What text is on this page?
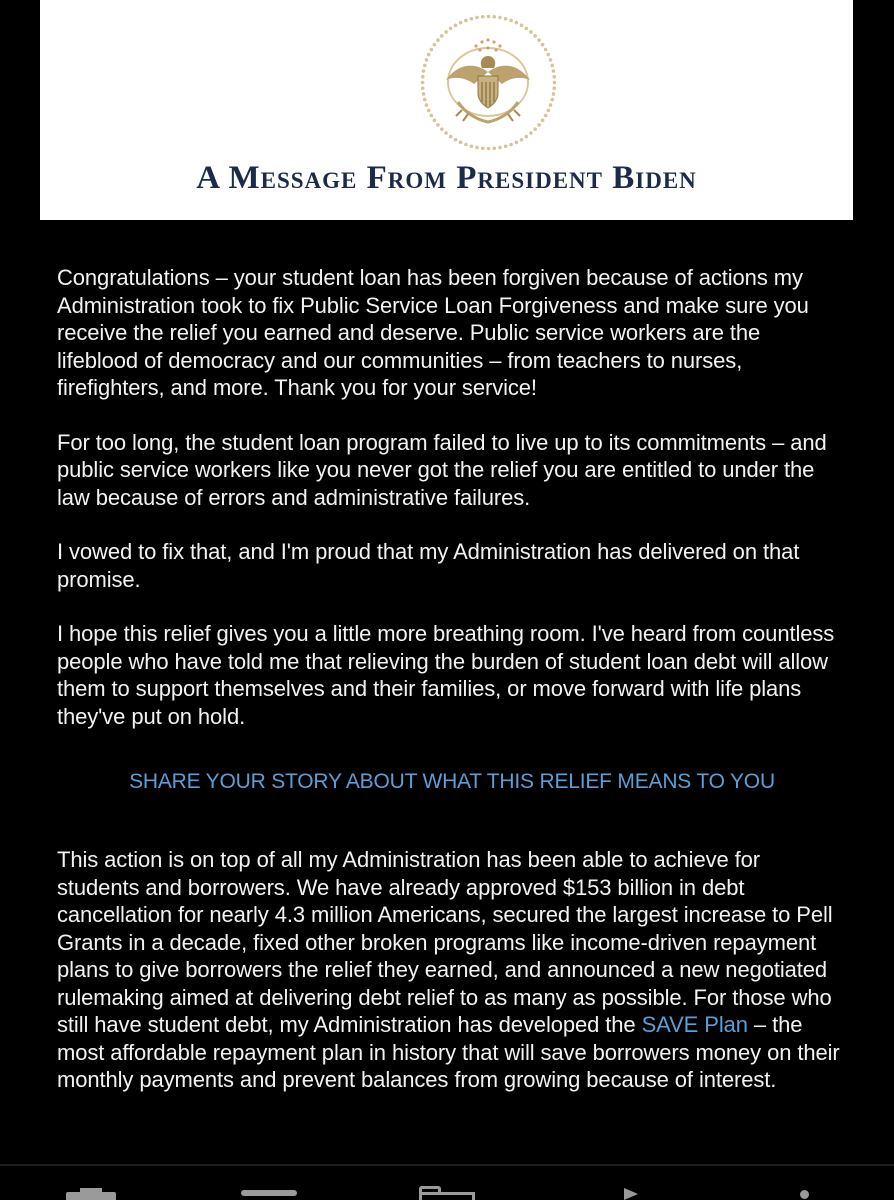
A Message From President Biden

Congratulations – your student loan has been forgiven because of actions my Administration took to fix Public Service Loan Forgiveness and make sure you receive the relief you earned and deserve. Public service workers are the lifeblood of democracy and our communities – from teachers to nurses, firefighters, and more. Thank you for your service!

For too long, the student loan program failed to live up to its commitments – and public service workers like you never got the relief you are entitled to under the law because of errors and administrative failures.

I vowed to fix that, and I'm proud that my Administration has delivered on that promise.

I hope this relief gives you a little more breathing room. I've heard from countless people who have told me that relieving the burden of student loan debt will allow them to support themselves and their families, or move forward with life plans they've put on hold.

SHARE YOUR STORY ABOUT WHAT THIS RELIEF MEANS TO YOU

This action is on top of all my Administration has been able to achieve for students and borrowers. We have already approved $153 billion in debt cancellation for nearly 4.3 million Americans, secured the largest increase to Pell Grants in a decade, fixed other broken programs like income-driven repayment plans to give borrowers the relief they earned, and announced a new negotiated rulemaking aimed at delivering debt relief to as many as possible. For those who still have student debt, my Administration has developed the SAVE Plan – the most affordable repayment plan in history that will save borrowers money on their monthly payments and prevent balances from growing because of interest.
